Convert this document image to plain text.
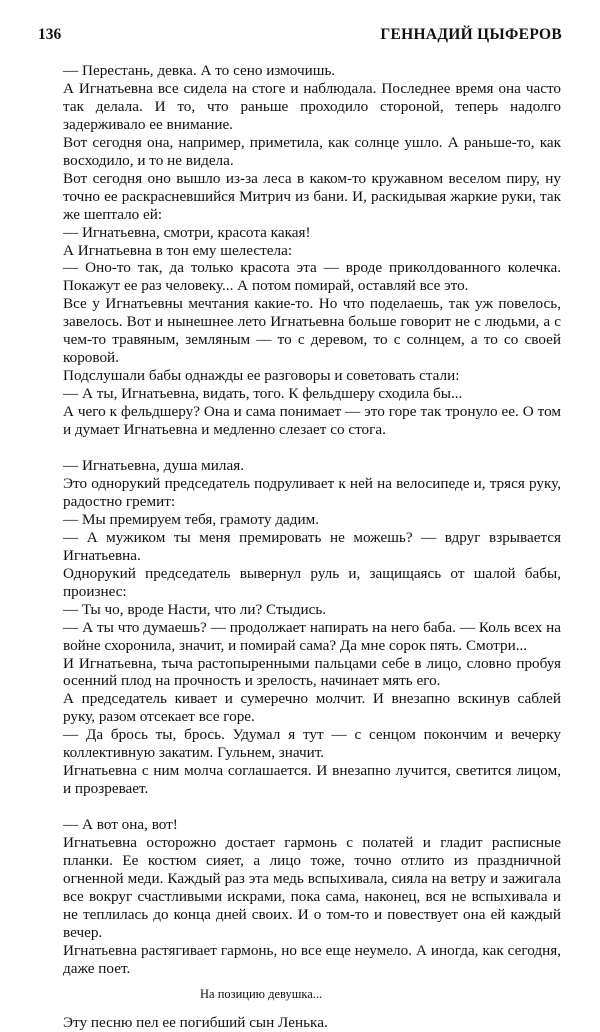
136	ГЕННАДИЙ ЦЫФЕРОВ

— Перестань, девка. А то сено измочишь.

А Игнатьевна все сидела на стоге и наблюдала. Последнее время она часто так делала. И то, что раньше проходило стороной, теперь надолго задерживало ее внимание.

Вот сегодня она, например, приметила, как солнце ушло. А раньше-то, как восходило, и то не видела.

Вот сегодня оно вышло из-за леса в каком-то кружавном веселом пиру, ну точно ее раскрасневшийся Митрич из бани. И, раскидывая жаркие руки, так же шептало ей:

— Игнатьевна, смотри, красота какая!

А Игнатьевна в тон ему шелестела:

— Оно-то так, да только красота эта — вроде приколдованного колечка. Покажут ее раз человеку... А потом помирай, оставляй все это.

Все у Игнатьевны мечтания какие-то. Но что поделаешь, так уж повелось, завелось. Вот и нынешнее лето Игнатьевна больше говорит не с людьми, а с чем-то травяным, земляным — то с деревом, то с солнцем, а то со своей коровой.

Подслушали бабы однажды ее разговоры и советовать стали:

— А ты, Игнатьевна, видать, того. К фельдшеру сходила бы...

А чего к фельдшеру? Она и сама понимает — это горе так тронуло ее. О том и думает Игнатьевна и медленно слезает со стога.

— Игнатьевна, душа милая.

Это однорукий председатель подруливает к ней на велосипеде и, тряся руку, радостно гремит:

— Мы премируем тебя, грамоту дадим.

— А мужиком ты меня премировать не можешь? — вдруг взрывается Игнатьевна.

Однорукий председатель вывернул руль и, защищаясь от шалой бабы, произнес:

— Ты чо, вроде Насти, что ли? Стыдись.

— А ты что думаешь? — продолжает напирать на него баба. — Коль всех на войне схоронила, значит, и помирай сама? Да мне сорок пять. Смотри...

И Игнатьевна, тыча растопыренными пальцами себе в лицо, словно пробуя осенний плод на прочность и зрелость, начинает мять его.

А председатель кивает и сумеречно молчит. И внезапно вскинув саблей руку, разом отсекает все горе.

— Да брось ты, брось. Удумал я тут — с сенцом покончим и вечерку коллективную закатим. Гульнем, значит.

Игнатьевна с ним молча соглашается. И внезапно лучится, светится лицом, и прозревает.

— А вот она, вот!

Игнатьевна осторожно достает гармонь с полатей и гладит расписные планки. Ее костюм сияет, а лицо тоже, точно отлито из праздничной огненной меди. Каждый раз эта медь вспыхивала, сияла на ветру и зажигала все вокруг счастливыми искрами, пока сама, наконец, вся не вспыхивала и не теплилась до конца дней своих. И о том-то и повествует она ей каждый вечер.

Игнатьевна растягивает гармонь, но все еще неумело. А иногда, как сегодня, даже поет.

На позицию девушка...

Эту песню пел ее погибший сын Ленька.
